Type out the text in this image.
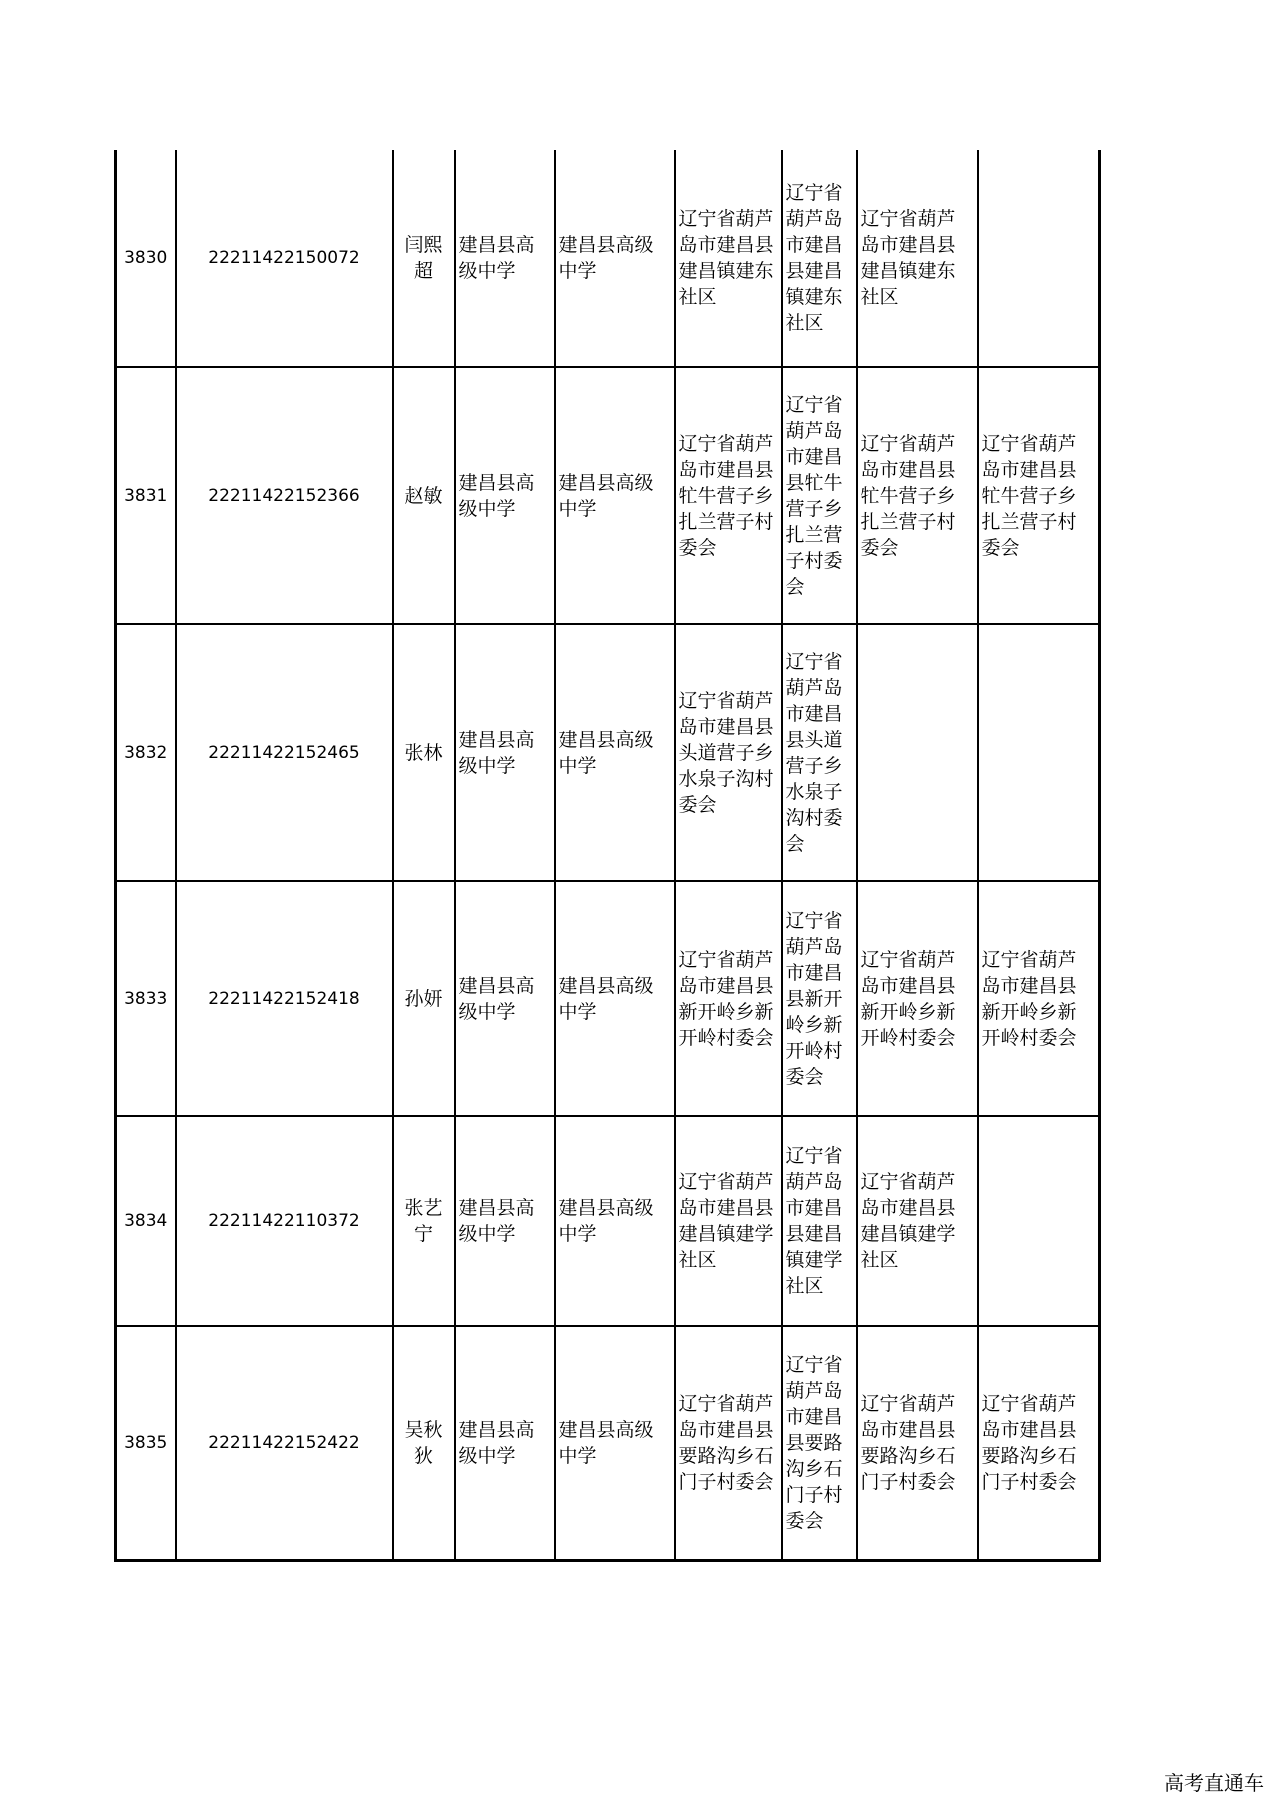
3830	22211422150072	闫熙超	建昌县高级中学	建昌县高级中学	辽宁省葫芦岛市建昌县建昌镇建东社区	辽宁省葫芦岛市建昌县建昌镇建东社区	辽宁省葫芦岛市建昌县建昌镇建东社区	
3831	22211422152366	赵敏	建昌县高级中学	建昌县高级中学	辽宁省葫芦岛市建昌县牤牛营子乡扎兰营子村委会	辽宁省葫芦岛市建昌县牤牛营子乡扎兰营子村委会	辽宁省葫芦岛市建昌县牤牛营子乡扎兰营子村委会	辽宁省葫芦岛市建昌县牤牛营子乡扎兰营子村委会
3832	22211422152465	张林	建昌县高级中学	建昌县高级中学	辽宁省葫芦岛市建昌县头道营子乡水泉子沟村委会	辽宁省葫芦岛市建昌县头道营子乡水泉子沟村委会		
3833	22211422152418	孙妍	建昌县高级中学	建昌县高级中学	辽宁省葫芦岛市建昌县新开岭乡新开岭村委会	辽宁省葫芦岛市建昌县新开岭乡新开岭村委会	辽宁省葫芦岛市建昌县新开岭乡新开岭村委会	辽宁省葫芦岛市建昌县新开岭乡新开岭村委会
3834	22211422110372	张艺宁	建昌县高级中学	建昌县高级中学	辽宁省葫芦岛市建昌县建昌镇建学社区	辽宁省葫芦岛市建昌县建昌镇建学社区	辽宁省葫芦岛市建昌县建昌镇建学社区	
3835	22211422152422	吴秋狄	建昌县高级中学	建昌县高级中学	辽宁省葫芦岛市建昌县要路沟乡石门子村委会	辽宁省葫芦岛市建昌县要路沟乡石门子村委会	辽宁省葫芦岛市建昌县要路沟乡石门子村委会	辽宁省葫芦岛市建昌县要路沟乡石门子村委会
高考直通车
